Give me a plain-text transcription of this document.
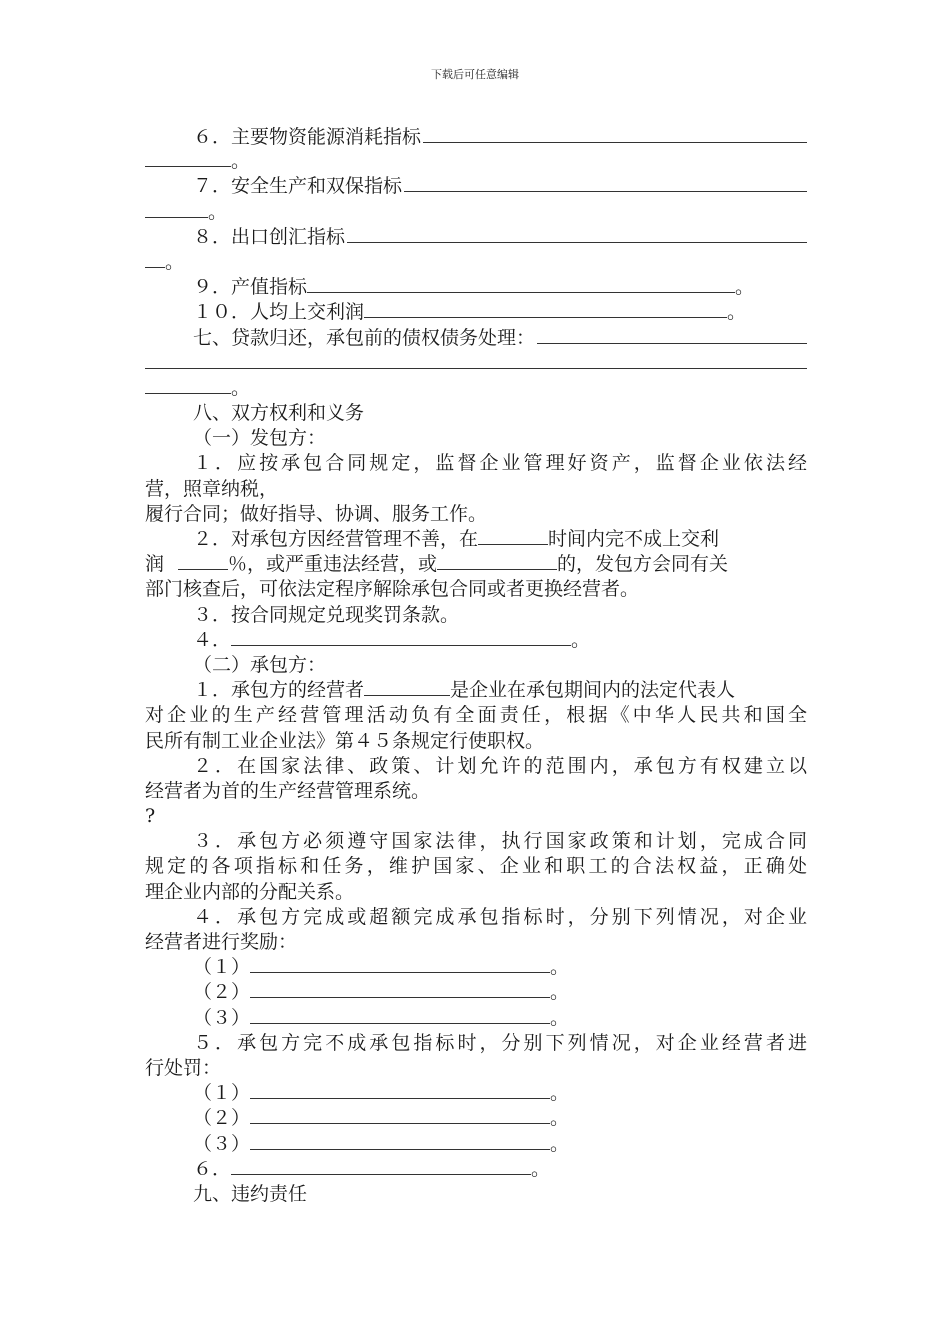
下载后可任意编辑
６．主要物资能源消耗指标
。
７．安全生产和双保指标
。
８．出口创汇指标
。
９．产值指标	。
１０．人均上交利润	。
七、贷款归还，承包前的债权债务处理：
。
八、双方权利和义务
（一）发包方：
１．应按承包合同规定，监督企业管理好资产，监督企业依法经
营，照章纳税，
履行合同；做好指导、协调、服务工作。
２．对承包方因经营管理不善，在	时间内完不成上交利
润	％，或严重违法经营，或	的，发包方会同有关
部门核查后，可依法定程序解除承包合同或者更换经营者。
３．按合同规定兑现奖罚条款。
４．	。
（二）承包方：
１．承包方的经营者	是企业在承包期间内的法定代表人
对企业的生产经营管理活动负有全面责任，根据《中华人民共和国全
民所有制工业企业法》第４５条规定行使职权。
２．在国家法律、政策、计划允许的范围内，承包方有权建立以
经营者为首的生产经营管理系统。
?
３．承包方必须遵守国家法律，执行国家政策和计划，完成合同
规定的各项指标和任务，维护国家、企业和职工的合法权益，正确处
理企业内部的分配关系。
４．承包方完成或超额完成承包指标时，分别下列情况，对企业
经营者进行奖励：
（１）	。
（２）	。
（３）	。
５．承包方完不成承包指标时，分别下列情况，对企业经营者进
行处罚：
（１）	。
（２）	。
（３）	。
６．	。
九、违约责任
